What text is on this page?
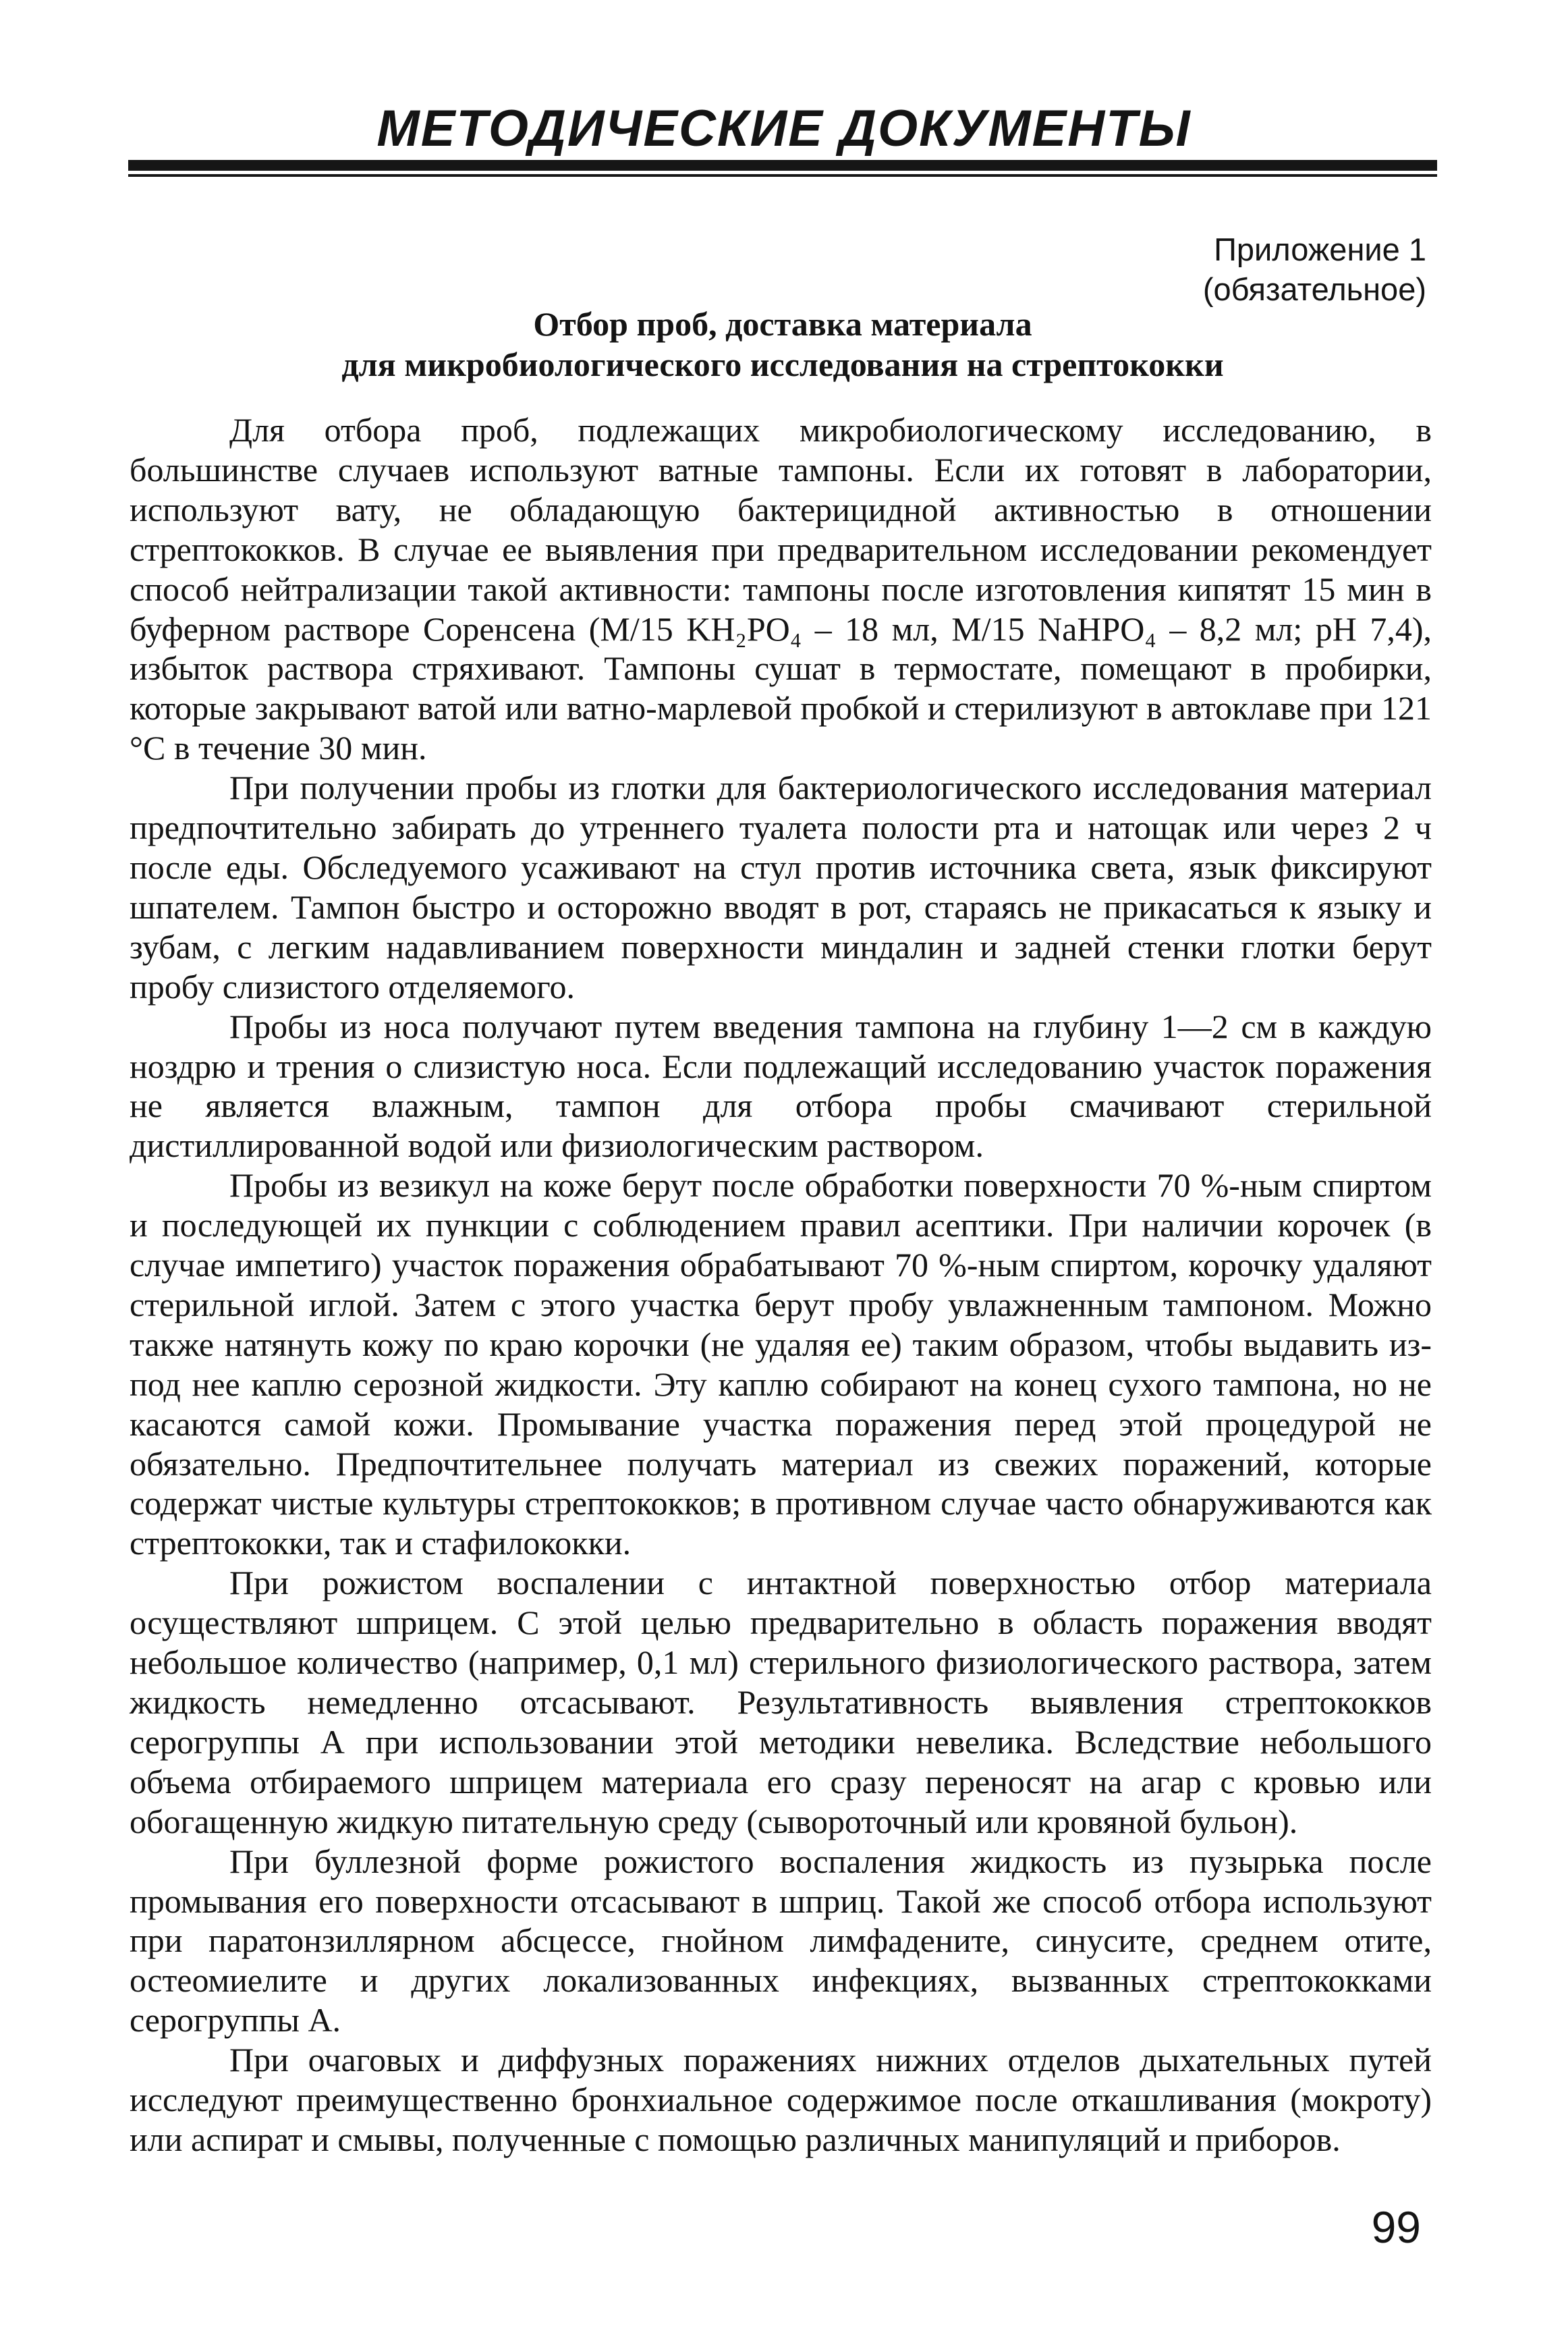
МЕТОДИЧЕСКИЕ ДОКУМЕНТЫ
Приложение 1
(обязательное)
Отбор проб, доставка материала
для микробиологического исследования на стрептококки

Для отбора проб, подлежащих микробиологическому исследованию, в большинстве случаев используют ватные тампоны. Если их готовят в лаборатории, используют вату, не обладающую бактерицидной активностью в отношении стрептококков. В случае ее выявления при предварительном исследовании рекомендует способ нейтрализации такой активности: тампоны после изготовления кипятят 15 мин в буферном растворе Соренсена (M/15 KH₂PO₄ – 18 мл, M/15 NaHPO₄ – 8,2 мл; pH 7,4), избыток раствора стряхивают. Тампоны сушат в термостате, помещают в пробирки, которые закрывают ватой или ватно-марлевой пробкой и стерилизуют в автоклаве при 121 °С в течение 30 мин.

При получении пробы из глотки для бактериологического исследования материал предпочтительно забирать до утреннего туалета полости рта и натощак или через 2 ч после еды. Обследуемого усаживают на стул против источника света, язык фиксируют шпателем. Тампон быстро и осторожно вводят в рот, стараясь не прикасаться к языку и зубам, с легким надавливанием поверхности миндалин и задней стенки глотки берут пробу слизистого отделяемого.

Пробы из носа получают путем введения тампона на глубину 1—2 см в каждую ноздрю и трения о слизистую носа. Если подлежащий исследованию участок поражения не является влажным, тампон для отбора пробы смачивают стерильной дистиллированной водой или физиологическим раствором.

Пробы из везикул на коже берут после обработки поверхности 70 %-ным спиртом и последующей их пункции с соблюдением правил асептики. При наличии корочек (в случае импетиго) участок поражения обрабатывают 70 %-ным спиртом, корочку удаляют стерильной иглой. Затем с этого участка берут пробу увлажненным тампоном. Можно также натянуть кожу по краю корочки (не удаляя ее) таким образом, чтобы выдавить из-под нее каплю серозной жидкости. Эту каплю собирают на конец сухого тампона, но не касаются самой кожи. Промывание участка поражения перед этой процедурой не обязательно. Предпочтительнее получать материал из свежих поражений, которые содержат чистые культуры стрептококков; в противном случае часто обнаруживаются как стрептококки, так и стафилококки.

При рожистом воспалении с интактной поверхностью отбор материала осуществляют шприцем. С этой целью предварительно в область поражения вводят небольшое количество (например, 0,1 мл) стерильного физиологического раствора, затем жидкость немедленно отсасывают. Результативность выявления стрептококков серогруппы А при использовании этой методики невелика. Вследствие небольшого объема отбираемого шприцем материала его сразу переносят на агар с кровью или обогащенную жидкую питательную среду (сывороточный или кровяной бульон).

При буллезной форме рожистого воспаления жидкость из пузырька после промывания его поверхности отсасывают в шприц. Такой же способ отбора используют при паратонзиллярном абсцессе, гнойном лимфадените, синусите, среднем отите, остеомиелите и других локализованных инфекциях, вызванных стрептококками серогруппы А.

При очаговых и диффузных поражениях нижних отделов дыхательных путей исследуют преимущественно бронхиальное содержимое после откашливания (мокроту) или аспират и смывы, полученные с помощью различных манипуляций и приборов.

99
